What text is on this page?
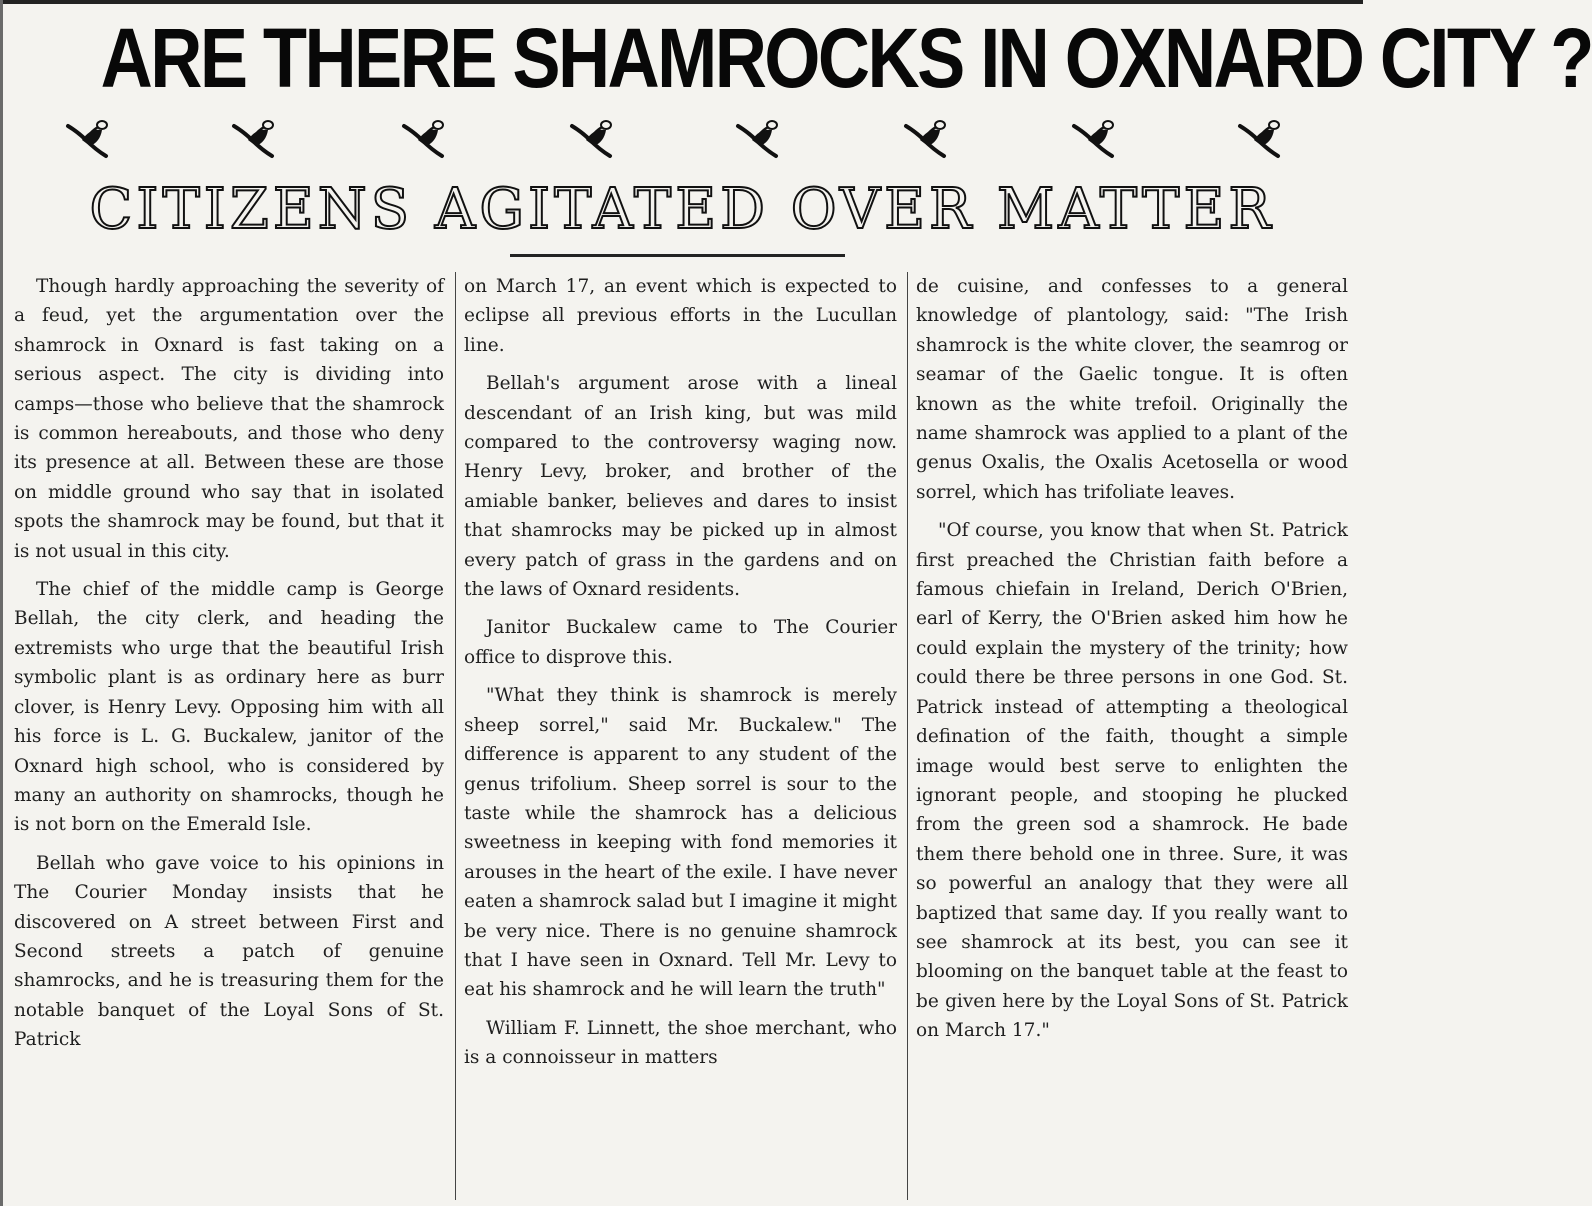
ARE THERE SHAMROCKS IN OXNARD CITY ?
CITIZENS AGITATED OVER MATTER

Though hardly approaching the severity of a feud, yet the argumentation over the shamrock in Oxnard is fast taking on a serious aspect. The city is dividing into camps—those who believe that the shamrock is common hereabouts, and those who deny its presence at all. Between these are those on middle ground who say that in isolated spots the shamrock may be found, but that it is not usual in this city.

The chief of the middle camp is George Bellah, the city clerk, and heading the extremists who urge that the beautiful Irish symbolic plant is as ordinary here as burr clover, is Henry Levy. Opposing him with all his force is L. G. Buckalew, janitor of the Oxnard high school, who is considered by many an authority on shamrocks, though he is not born on the Emerald Isle.

Bellah who gave voice to his opinions in The Courier Monday insists that he discovered on A street between First and Second streets a patch of genuine shamrocks, and he is treasuring them for the notable banquet of the Loyal Sons of St. Patrick

on March 17, an event which is expected to eclipse all previous efforts in the Lucullan line.

Bellah's argument arose with a lineal descendant of an Irish king, but was mild compared to the controversy waging now. Henry Levy, broker, and brother of the amiable banker, believes and dares to insist that shamrocks may be picked up in almost every patch of grass in the gardens and on the laws of Oxnard residents.

Janitor Buckalew came to The Courier office to disprove this.

"What they think is shamrock is merely sheep sorrel," said Mr. Buckalew." The difference is apparent to any student of the genus trifolium. Sheep sorrel is sour to the taste while the shamrock has a delicious sweetness in keeping with fond memories it arouses in the heart of the exile. I have never eaten a shamrock salad but I imagine it might be very nice. There is no genuine shamrock that I have seen in Oxnard. Tell Mr. Levy to eat his shamrock and he will learn the truth"

William F. Linnett, the shoe merchant, who is a connoisseur in matters

de cuisine, and confesses to a general knowledge of plantology, said: "The Irish shamrock is the white clover, the seamrog or seamar of the Gaelic tongue. It is often known as the white trefoil. Originally the name shamrock was applied to a plant of the genus Oxalis, the Oxalis Acetosella or wood sorrel, which has trifoliate leaves.

"Of course, you know that when St. Patrick first preached the Christian faith before a famous chiefain in Ireland, Derich O'Brien, earl of Kerry, the O'Brien asked him how he could explain the mystery of the trinity; how could there be three persons in one God. St. Patrick instead of attempting a theological defination of the faith, thought a simple image would best serve to enlighten the ignorant people, and stooping he plucked from the green sod a shamrock. He bade them there behold one in three. Sure, it was so powerful an analogy that they were all baptized that same day. If you really want to see shamrock at its best, you can see it blooming on the banquet table at the feast to be given here by the Loyal Sons of St. Patrick on March 17."
